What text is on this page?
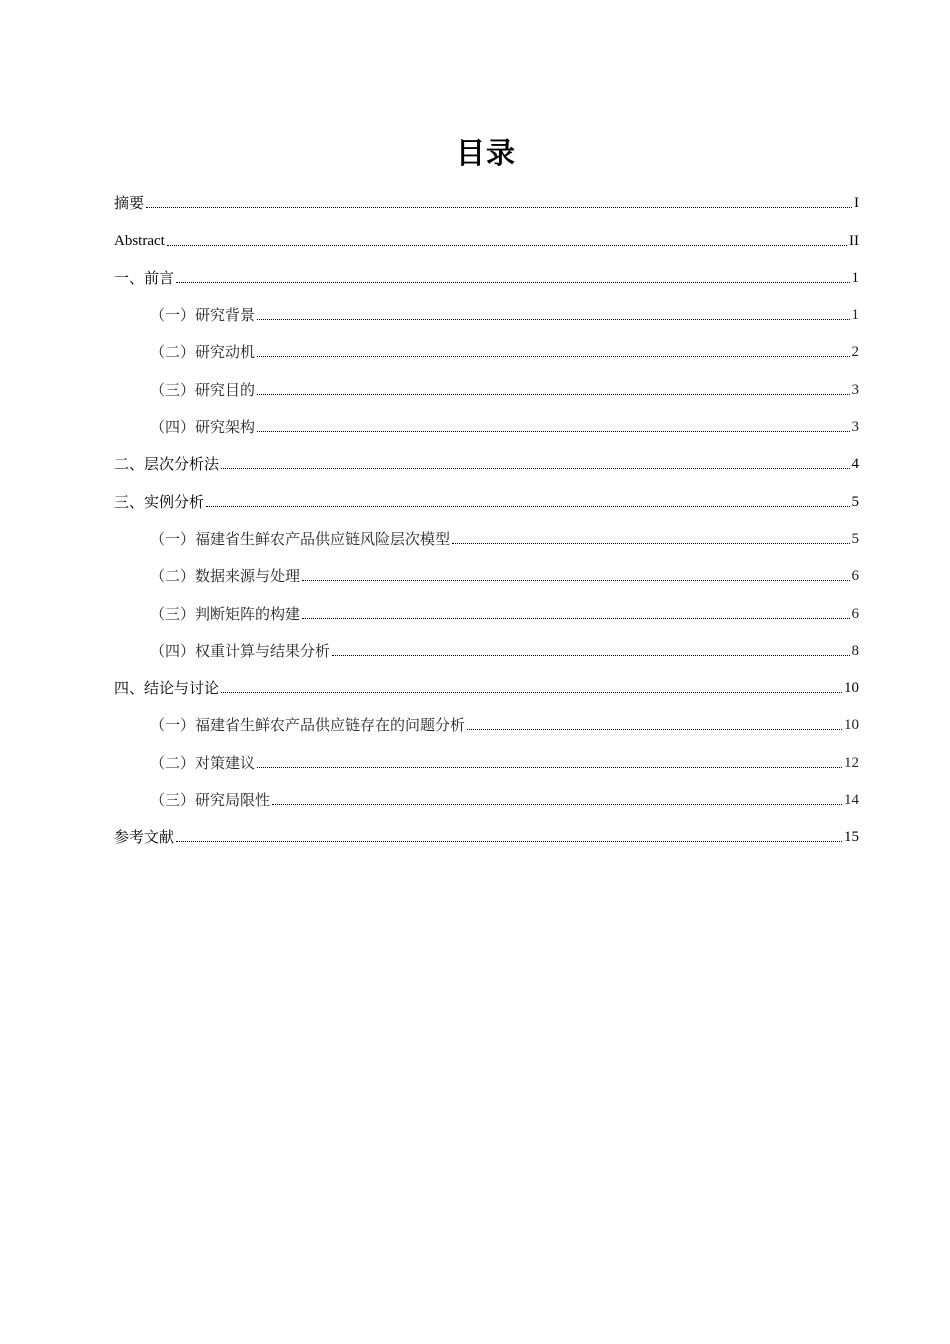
目录
摘要	I
Abstract	II
一、前言	1
（一）研究背景	1
（二）研究动机	2
（三）研究目的	3
（四）研究架构	3
二、层次分析法	4
三、实例分析	5
（一）福建省生鲜农产品供应链风险层次模型	5
（二）数据来源与处理	6
（三）判断矩阵的构建	6
（四）权重计算与结果分析	8
四、结论与讨论	10
（一）福建省生鲜农产品供应链存在的问题分析	10
（二）对策建议	12
（三）研究局限性	14
参考文献	15
